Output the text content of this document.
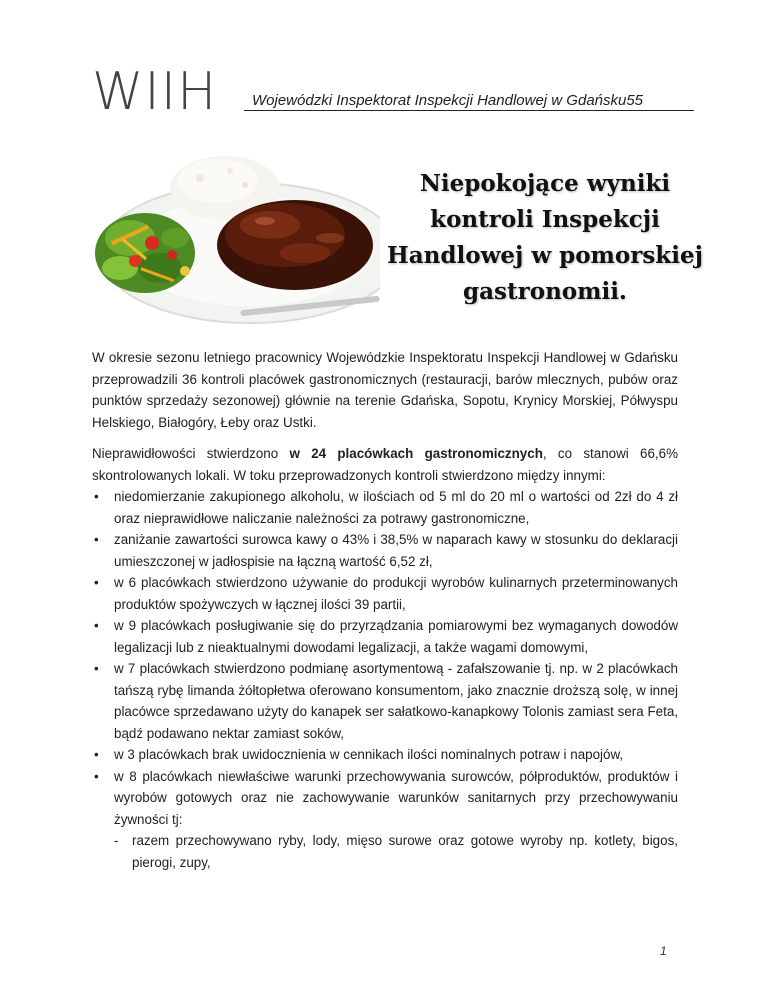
WIIH	Wojewódzki Inspektorat Inspekcji Handlowej w Gdańsku55
Niepokojące wyniki kontroli Inspekcji Handlowej w pomorskiej gastronomii.

W okresie sezonu letniego pracownicy Wojewódzkie Inspektoratu Inspekcji Handlowej w Gdańsku przeprowadzili 36 kontroli placówek gastronomicznych (restauracji, barów mlecznych, pubów oraz punktów sprzedaży sezonowej) głównie na terenie Gdańska, Sopotu, Krynicy Morskiej, Półwyspu Helskiego, Białogóry, Łeby oraz Ustki.

Nieprawidłowości stwierdzono w 24 placówkach gastronomicznych, co stanowi 66,6% skontrolowanych lokali. W toku przeprowadzonych kontroli stwierdzono między innymi:
• niedomierzanie zakupionego alkoholu, w ilościach od 5 ml do 20 ml o wartości od 2zł do 4 zł oraz nieprawidłowe naliczanie należności za potrawy gastronomiczne,
• zaniżanie zawartości surowca kawy o 43% i 38,5% w naparach kawy w stosunku do deklaracji umieszczonej w jadłospisie na łączną wartość 6,52 zł,
• w 6 placówkach stwierdzono używanie do produkcji wyrobów kulinarnych przeterminowanych produktów spożywczych w łącznej ilości 39 partii,
• w 9 placówkach posługiwanie się do przyrządzania pomiarowymi bez wymaganych dowodów legalizacji lub z nieaktualnymi dowodami legalizacji, a także wagami domowymi,
• w 7 placówkach stwierdzono podmianę asortymentową - zafałszowanie tj. np. w 2 placówkach tańszą rybę limanda żółtopłetwa oferowano konsumentom, jako znacznie droższą solę, w innej placówce sprzedawano użyty do kanapek ser sałatkowo-kanapkowy Tolonis zamiast sera Feta, bądź podawano nektar zamiast soków,
• w 3 placówkach brak uwidocznienia w cennikach ilości nominalnych potraw i napojów,
• w 8 placówkach niewłaściwe warunki przechowywania surowców, półproduktów, produktów i wyrobów gotowych oraz nie zachowywanie warunków sanitarnych przy przechowywaniu żywności tj:
- razem przechowywano ryby, lody, mięso surowe oraz gotowe wyroby np. kotlety, bigos, pierogi, zupy,
1
